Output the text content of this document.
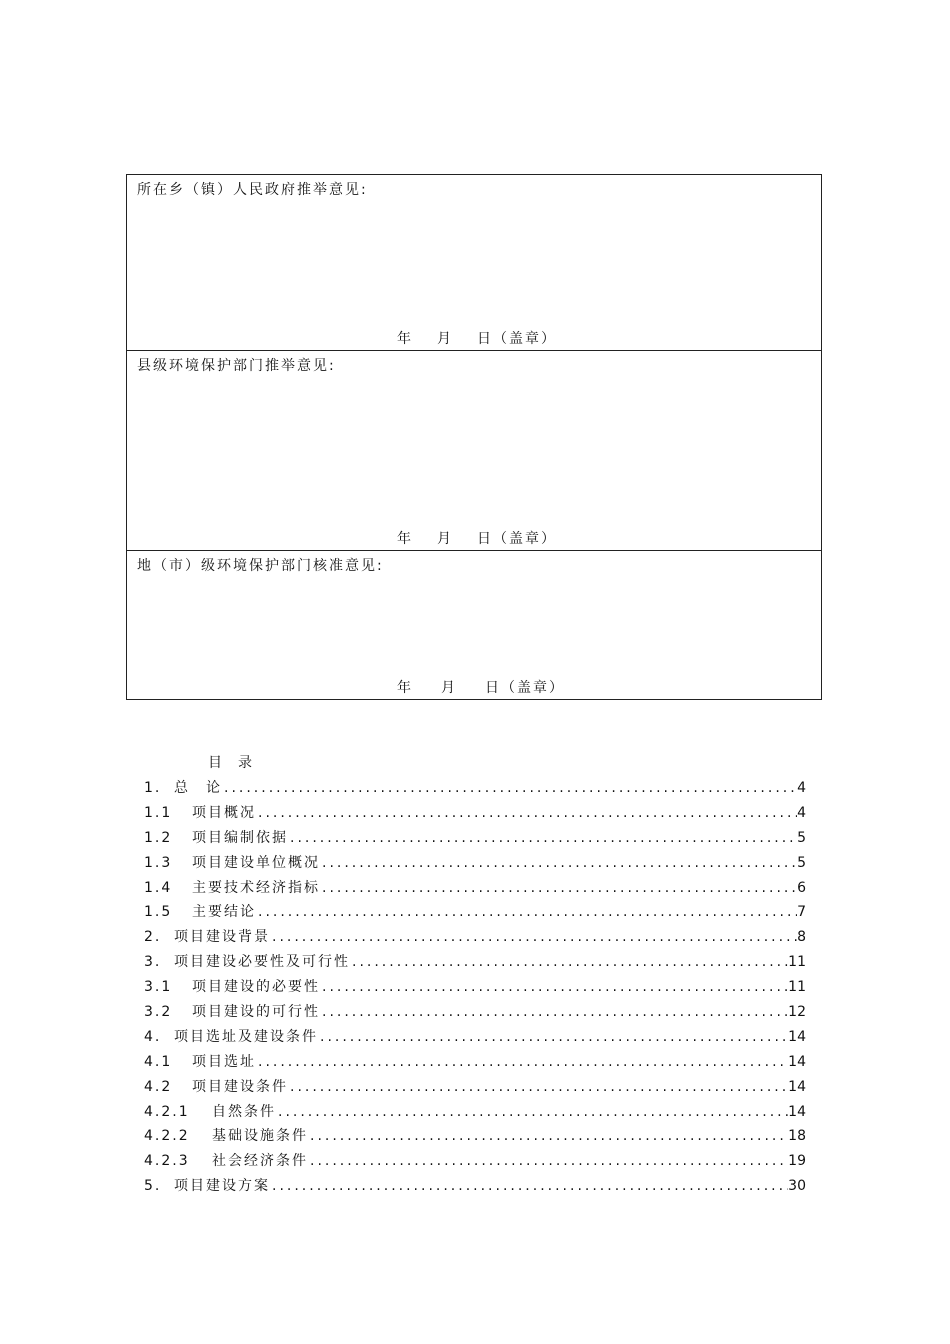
所在乡（镇）人民政府推举意见:
年 月 日（盖章）
县级环境保护部门推举意见:
年 月 日（盖章）
地（市）级环境保护部门核准意见:
年 月 日（盖章）
目 录
1. 总　论 .....	4
1.1	项目概况 .....	4
1.2	项目编制依据 .....	5
1.3	项目建设单位概况 .....	5
1.4	主要技术经济指标 .....	6
1.5	主要结论 .....	7
2. 项目建设背景 .....	8
3. 项目建设必要性及可行性 .....	11
3.1	项目建设的必要性 .....	11
3.2	项目建设的可行性 .....	12
4. 项目选址及建设条件 .....	14
4.1	项目选址 .....	14
4.2	项目建设条件 .....	14
4.2.1	自然条件 .....	14
4.2.2	基础设施条件 .....	18
4.2.3	社会经济条件 .....	19
5. 项目建设方案 .....	30
